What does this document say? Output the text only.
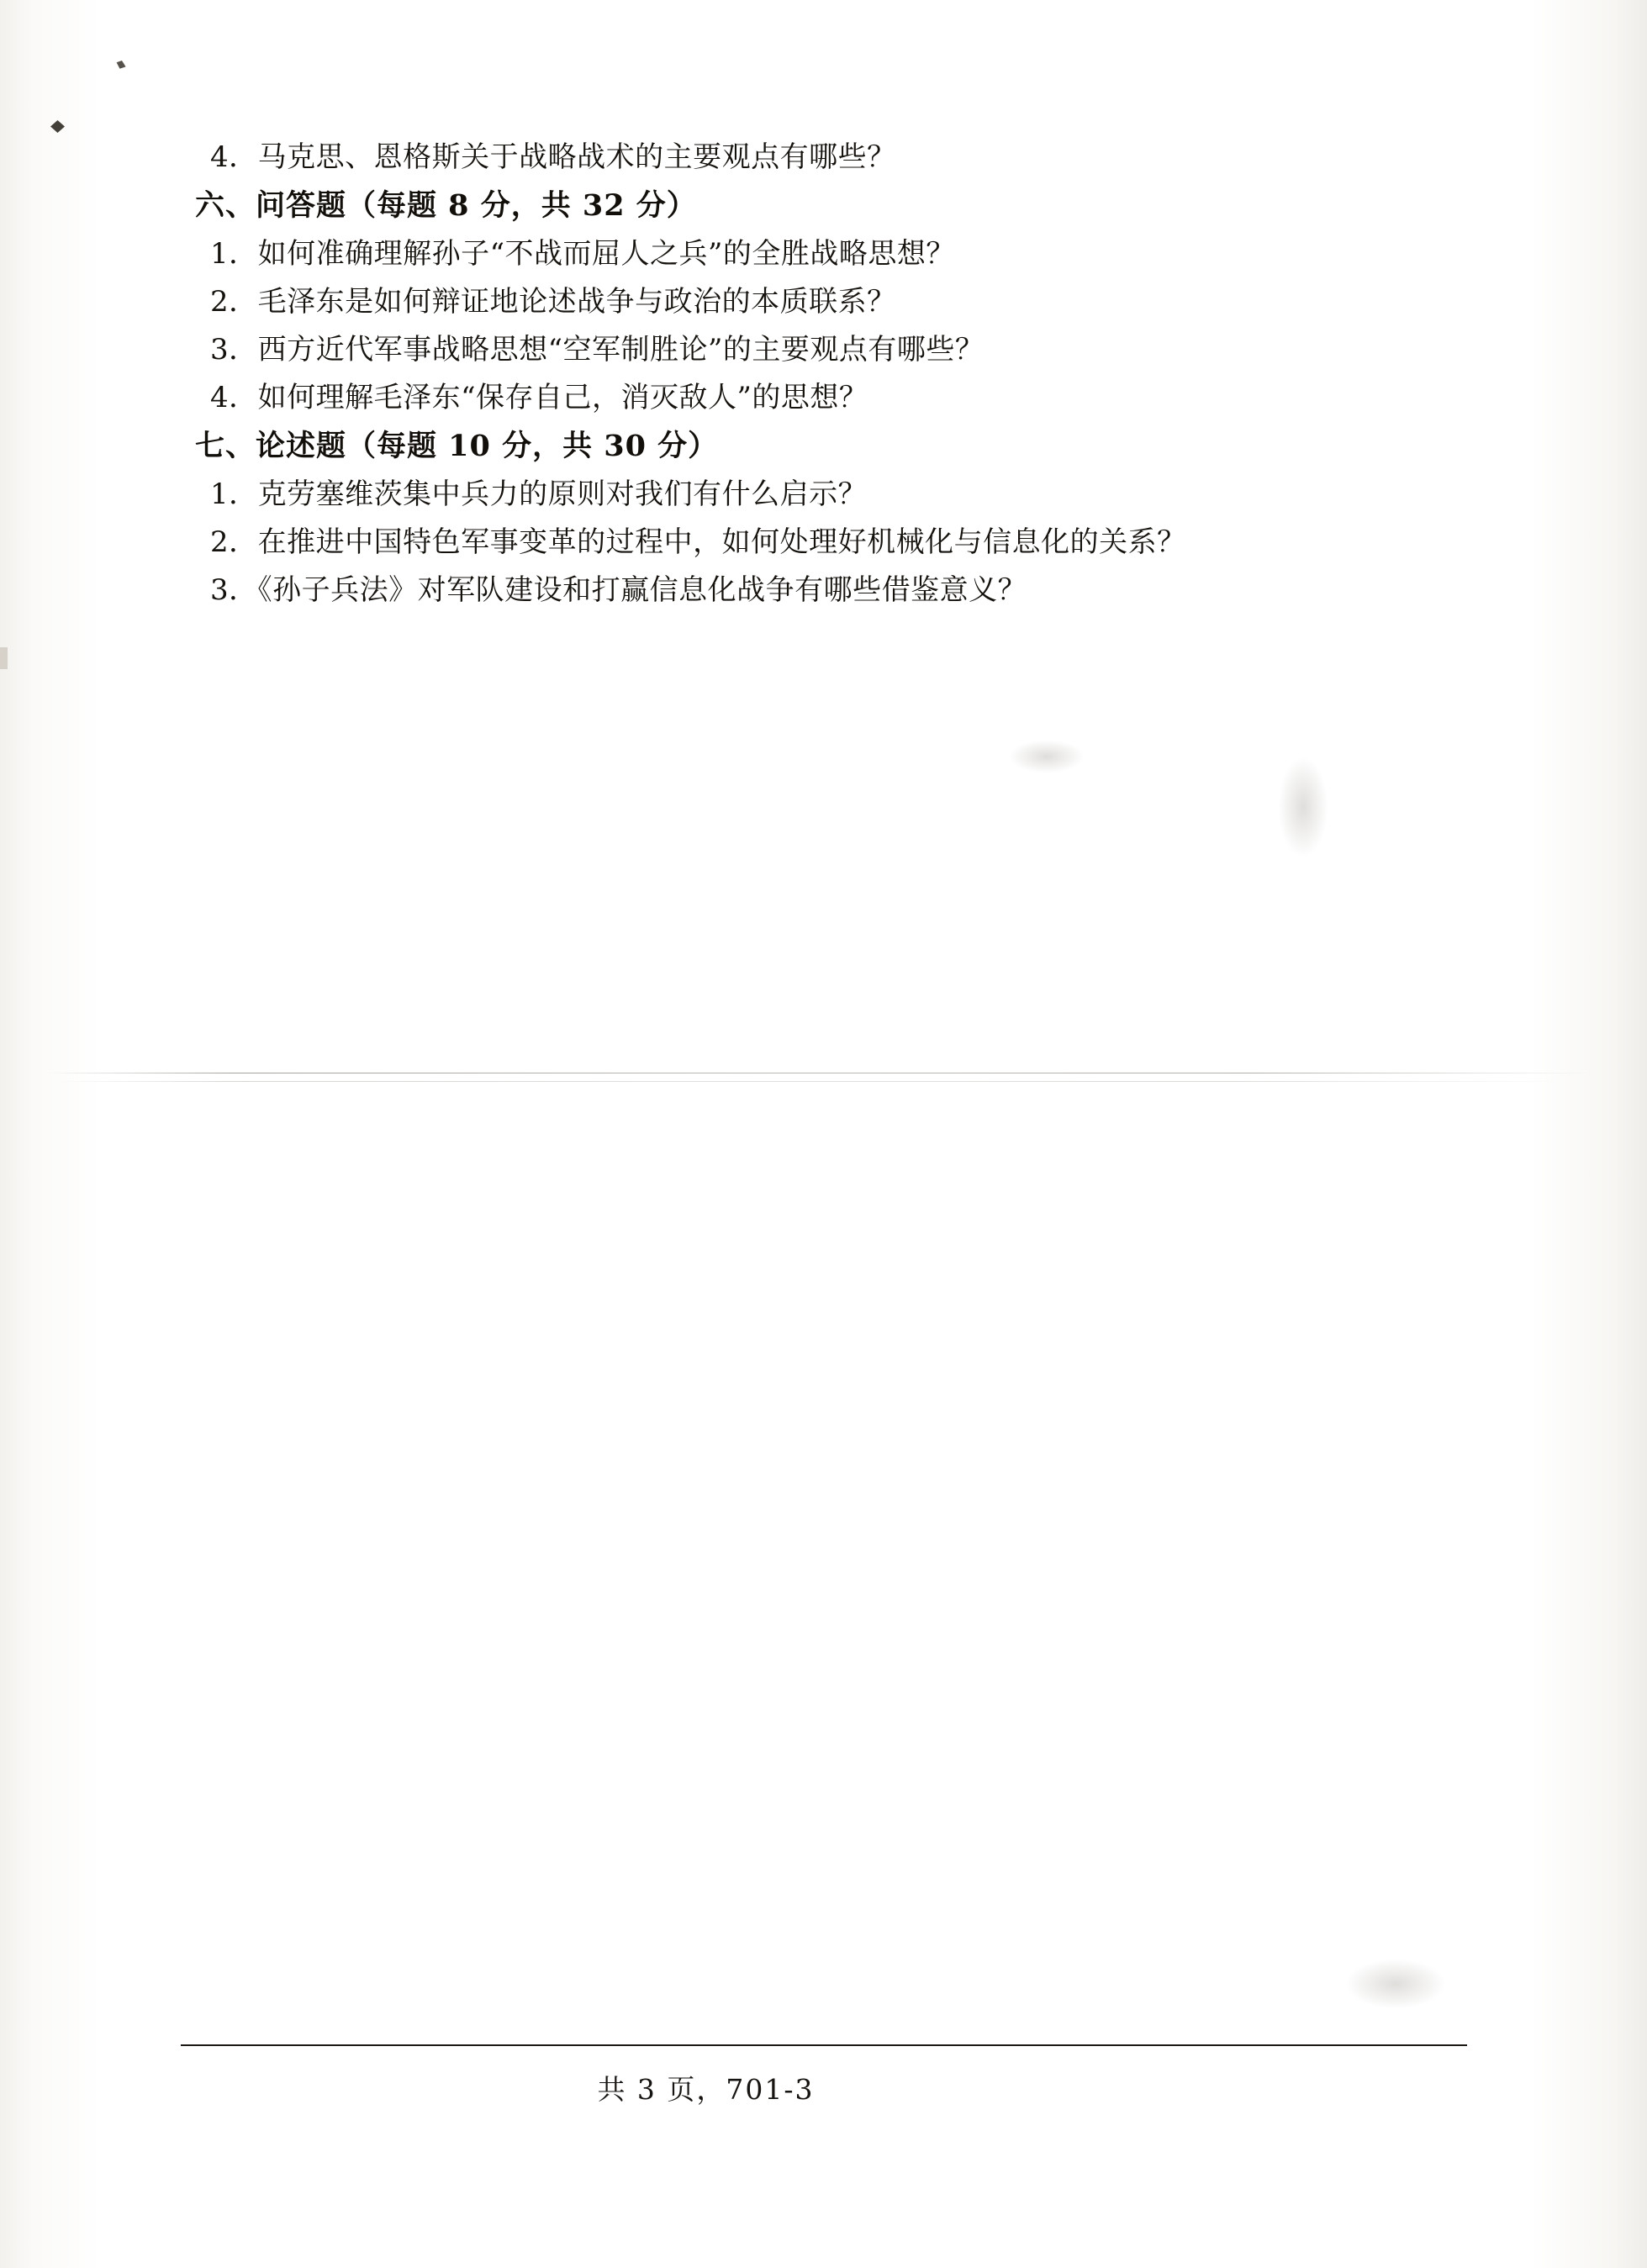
4．马克思、恩格斯关于战略战术的主要观点有哪些？
六、问答题（每题 8 分，共 32 分）
1．如何准确理解孙子“不战而屈人之兵”的全胜战略思想？
2．毛泽东是如何辩证地论述战争与政治的本质联系？
3．西方近代军事战略思想“空军制胜论”的主要观点有哪些？
4．如何理解毛泽东“保存自己，消灭敌人”的思想？
七、论述题（每题 10 分，共 30 分）
1．克劳塞维茨集中兵力的原则对我们有什么启示？
2．在推进中国特色军事变革的过程中，如何处理好机械化与信息化的关系？
3．《孙子兵法》对军队建设和打赢信息化战争有哪些借鉴意义？
共 3 页，701-3
